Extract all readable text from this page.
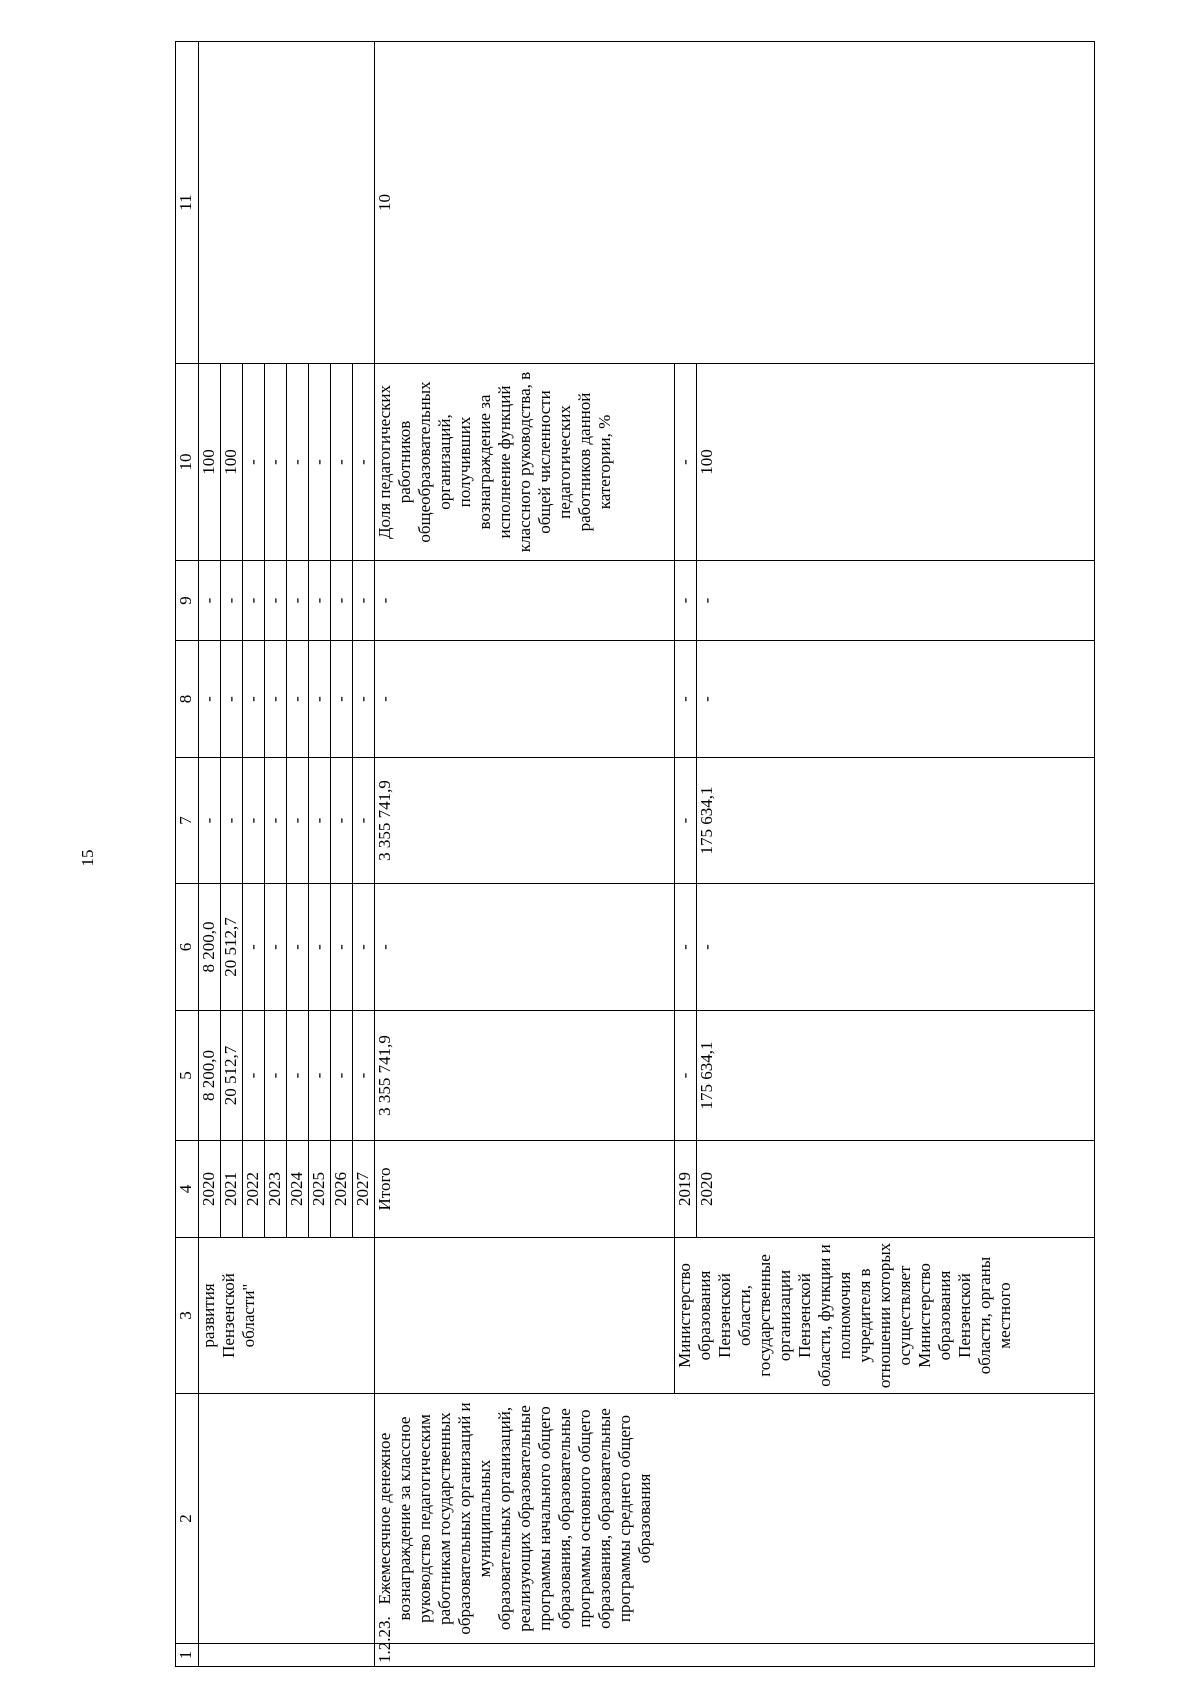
15
1	2	3	4	5	6	7	8	9	10	11
		развития Пензенской области"	2020	8 200,0	8 200,0	-	-	-	100	
			2021	20 512,7	20 512,7	-	-	-	100	
			2022	-	-	-	-	-	-	
			2023	-	-	-	-	-	-	
			2024	-	-	-	-	-	-	
			2025	-	-	-	-	-	-	
			2026	-	-	-	-	-	-	
			2027	-	-	-	-	-	-	
1.2.23.	Ежемесячное денежное вознаграждение за классное руководство педагогическим работникам государственных образовательных организаций и муниципальных образовательных организаций, реализующих образовательные программы начального общего образования, образовательные программы основного общего образования, образовательные программы среднего общего образования		Итого	3 355 741,9	-	3 355 741,9	-	-	Доля педагогических работников общеобразовательных организаций, получивших вознаграждение за исполнение функций классного руководства, в общей численности педагогических работников данной категории, %	10
		Министерство образования Пензенской области, государственные организации Пензенской области, функции и полномочия учредителя в отношении которых осуществляет Министерство образования Пензенской области, органы местного	2019	-	-	-	-	-	-	
			2020	175 634,1	-	175 634,1	-	-	100	
